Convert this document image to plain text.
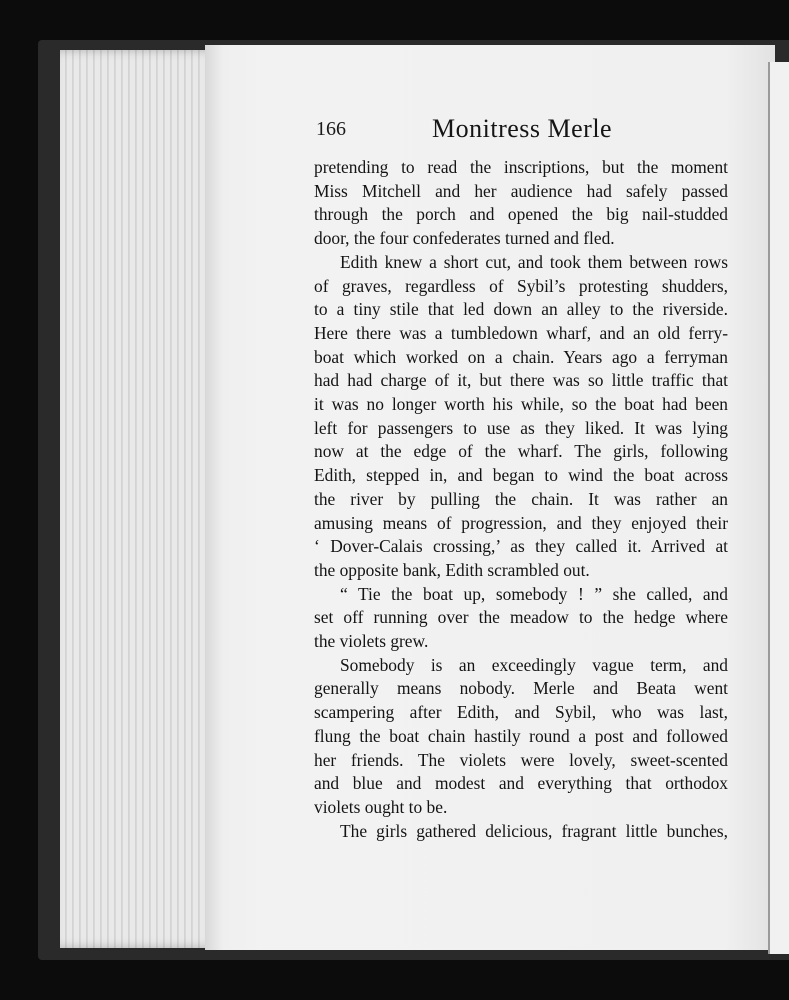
166	Monitress Merle
pretending to read the inscriptions, but the moment
Miss Mitchell and her audience had safely passed
through the porch and opened the big nail-studded
door, the four confederates turned and fled.
Edith knew a short cut, and took them between rows
of graves, regardless of Sybil’s protesting shudders,
to a tiny stile that led down an alley to the riverside.
Here there was a tumbledown wharf, and an old ferry-
boat which worked on a chain. Years ago a ferryman
had had charge of it, but there was so little traffic that
it was no longer worth his while, so the boat had been
left for passengers to use as they liked. It was lying
now at the edge of the wharf. The girls, following
Edith, stepped in, and began to wind the boat across
the river by pulling the chain. It was rather an
amusing means of progression, and they enjoyed their
‘ Dover-Calais crossing,’ as they called it. Arrived at
the opposite bank, Edith scrambled out.
“ Tie the boat up, somebody ! ” she called, and
set off running over the meadow to the hedge where
the violets grew.
Somebody is an exceedingly vague term, and
generally means nobody. Merle and Beata went
scampering after Edith, and Sybil, who was last,
flung the boat chain hastily round a post and followed
her friends. The violets were lovely, sweet-scented
and blue and modest and everything that orthodox
violets ought to be.
The girls gathered delicious, fragrant little bunches,
